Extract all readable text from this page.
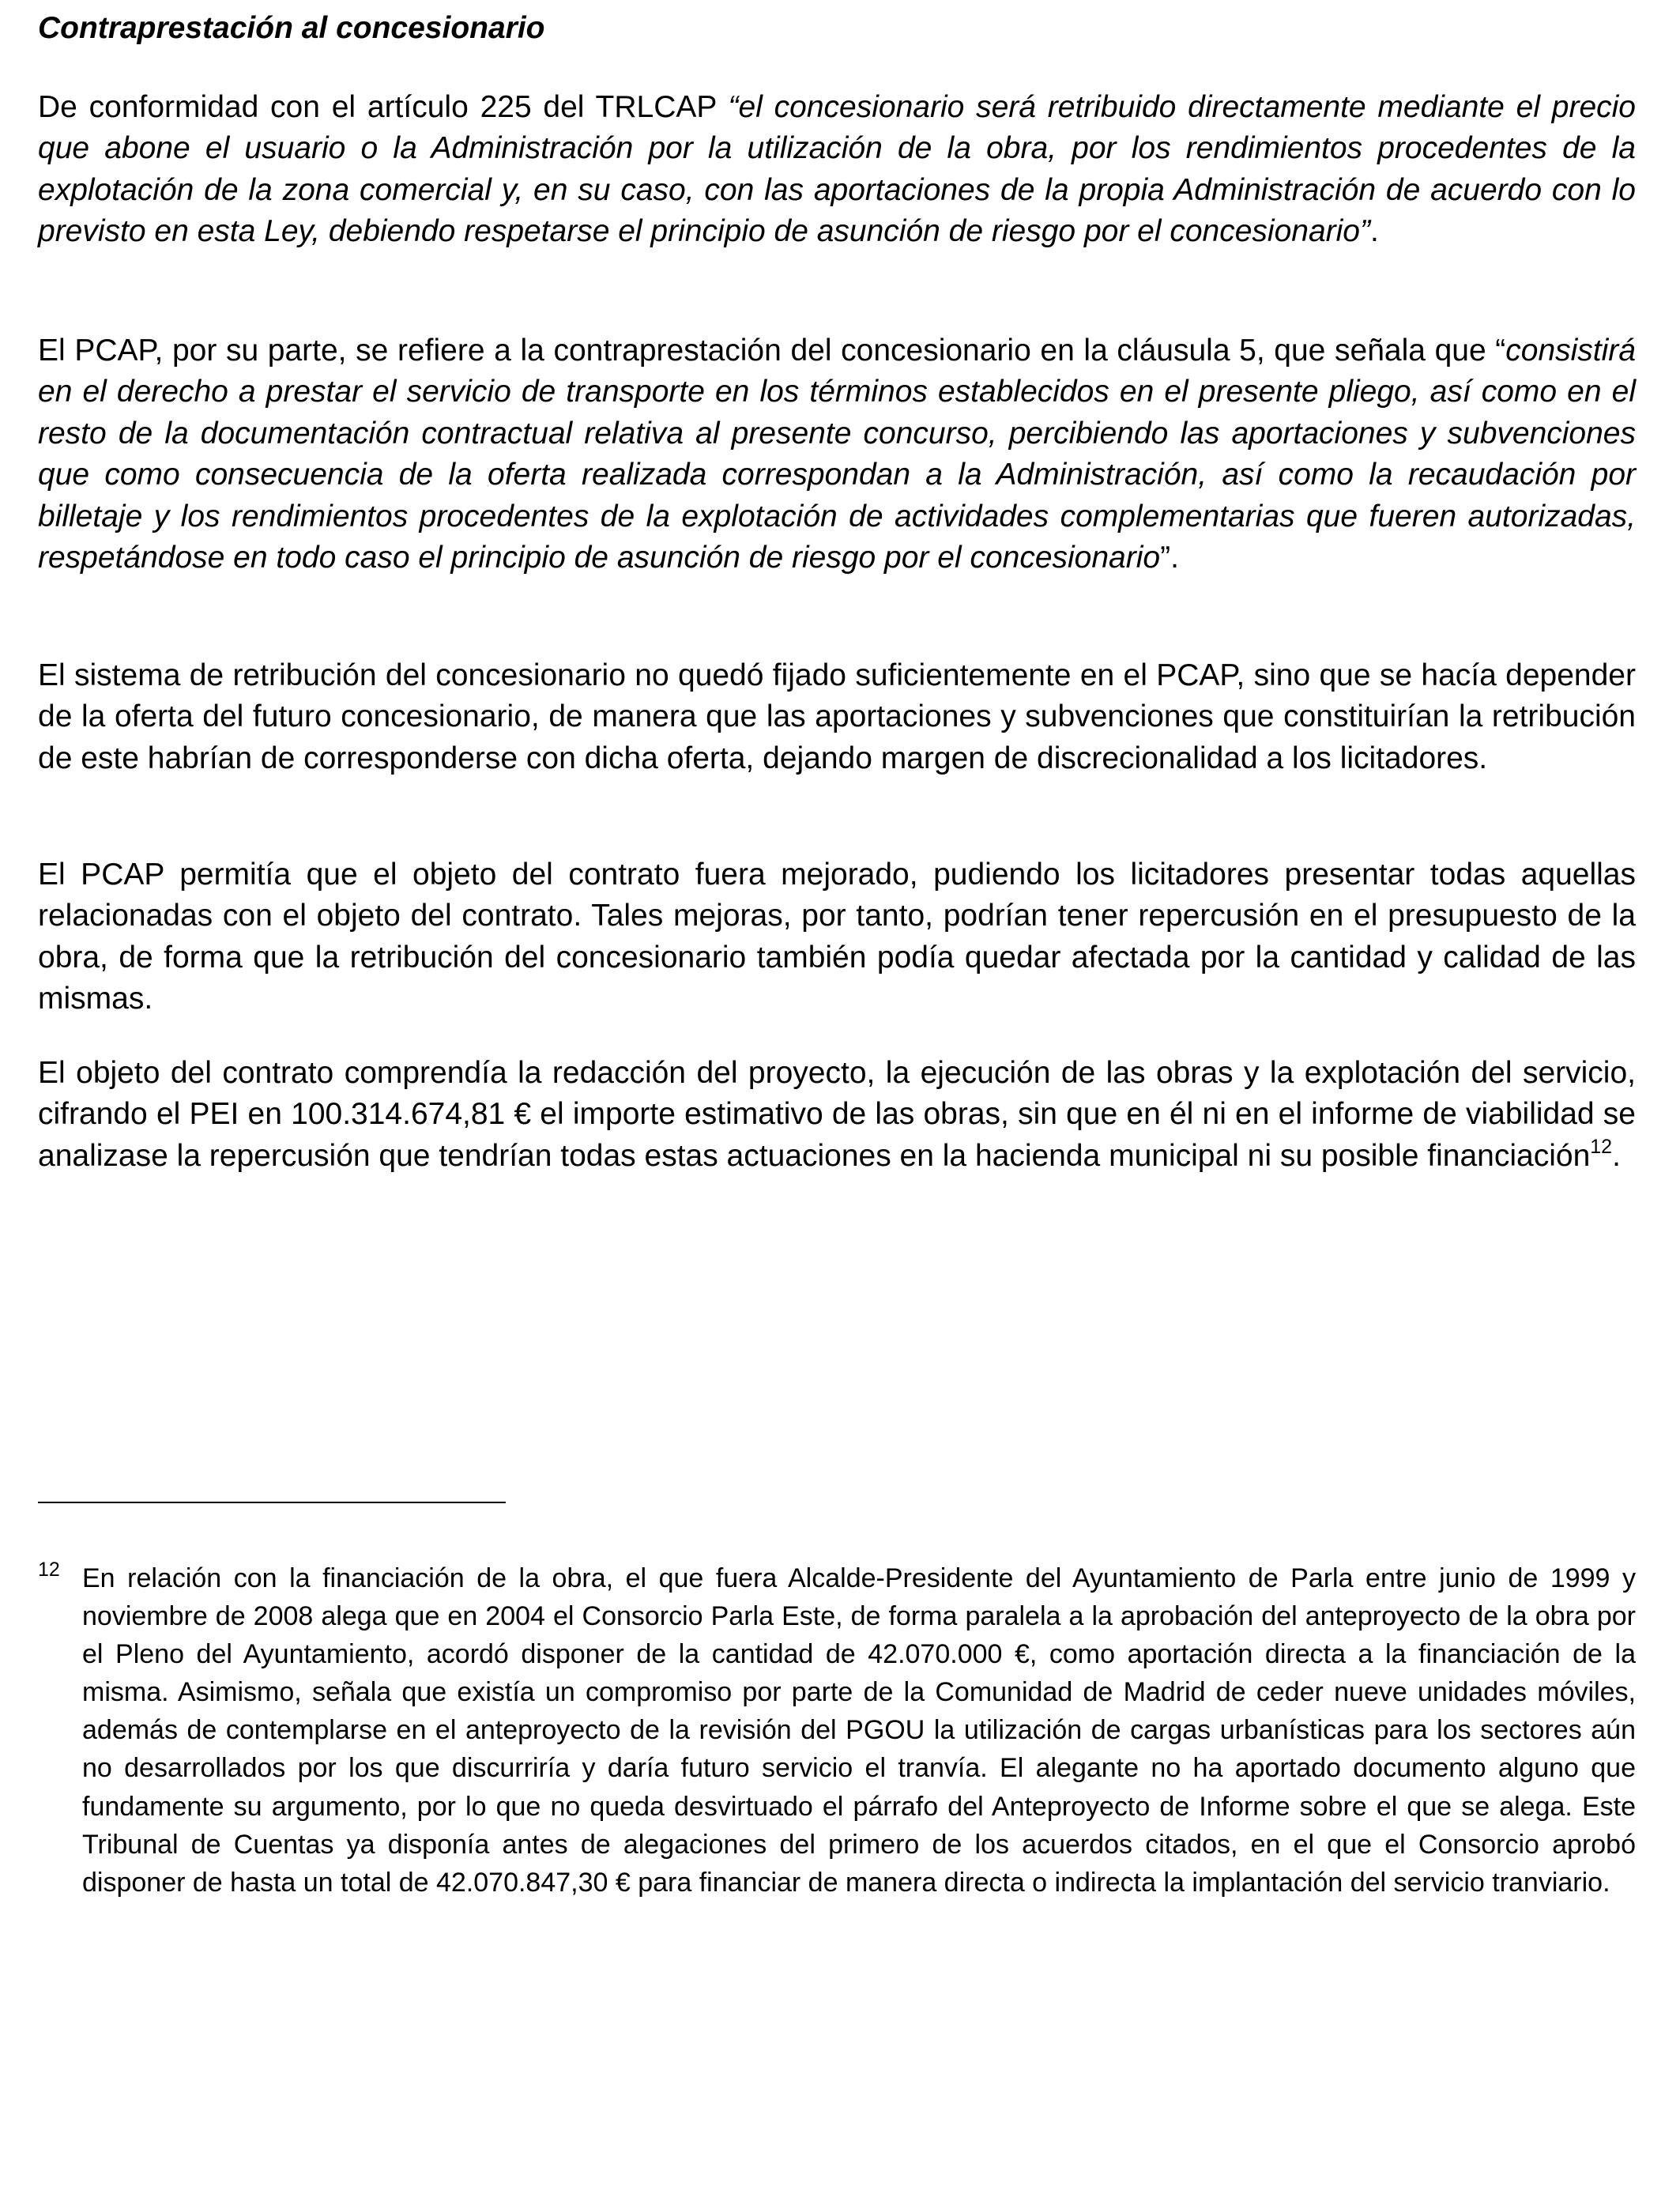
Contraprestación al concesionario

De conformidad con el artículo 225 del TRLCAP “el concesionario será retribuido directamente mediante el precio que abone el usuario o la Administración por la utilización de la obra, por los rendimientos procedentes de la explotación de la zona comercial y, en su caso, con las aportaciones de la propia Administración de acuerdo con lo previsto en esta Ley, debiendo respetarse el principio de asunción de riesgo por el concesionario”.

El PCAP, por su parte, se refiere a la contraprestación del concesionario en la cláusula 5, que señala que “consistirá en el derecho a prestar el servicio de transporte en los términos establecidos en el presente pliego, así como en el resto de la documentación contractual relativa al presente concurso, percibiendo las aportaciones y subvenciones que como consecuencia de la oferta realizada correspondan a la Administración, así como la recaudación por billetaje y los rendimientos procedentes de la explotación de actividades complementarias que fueren autorizadas, respetándose en todo caso el principio de asunción de riesgo por el concesionario”.

El sistema de retribución del concesionario no quedó fijado suficientemente en el PCAP, sino que se hacía depender de la oferta del futuro concesionario, de manera que las aportaciones y subvenciones que constituirían la retribución de este habrían de corresponderse con dicha oferta, dejando margen de discrecionalidad a los licitadores.

El PCAP permitía que el objeto del contrato fuera mejorado, pudiendo los licitadores presentar todas aquellas relacionadas con el objeto del contrato. Tales mejoras, por tanto, podrían tener repercusión en el presupuesto de la obra, de forma que la retribución del concesionario también podía quedar afectada por la cantidad y calidad de las mismas.

El objeto del contrato comprendía la redacción del proyecto, la ejecución de las obras y la explotación del servicio, cifrando el PEI en 100.314.674,81 € el importe estimativo de las obras, sin que en él ni en el informe de viabilidad se analizase la repercusión que tendrían todas estas actuaciones en la hacienda municipal ni su posible financiación$^{12}$.

12 En relación con la financiación de la obra, el que fuera Alcalde-Presidente del Ayuntamiento de Parla entre junio de 1999 y noviembre de 2008 alega que en 2004 el Consorcio Parla Este, de forma paralela a la aprobación del anteproyecto de la obra por el Pleno del Ayuntamiento, acordó disponer de la cantidad de 42.070.000 €, como aportación directa a la financiación de la misma. Asimismo, señala que existía un compromiso por parte de la Comunidad de Madrid de ceder nueve unidades móviles, además de contemplarse en el anteproyecto de la revisión del PGOU la utilización de cargas urbanísticas para los sectores aún no desarrollados por los que discurriría y daría futuro servicio el tranvía. El alegante no ha aportado documento alguno que fundamente su argumento, por lo que no queda desvirtuado el párrafo del Anteproyecto de Informe sobre el que se alega. Este Tribunal de Cuentas ya disponía antes de alegaciones del primero de los acuerdos citados, en el que el Consorcio aprobó disponer de hasta un total de 42.070.847,30 € para financiar de manera directa o indirecta la implantación del servicio tranviario.
